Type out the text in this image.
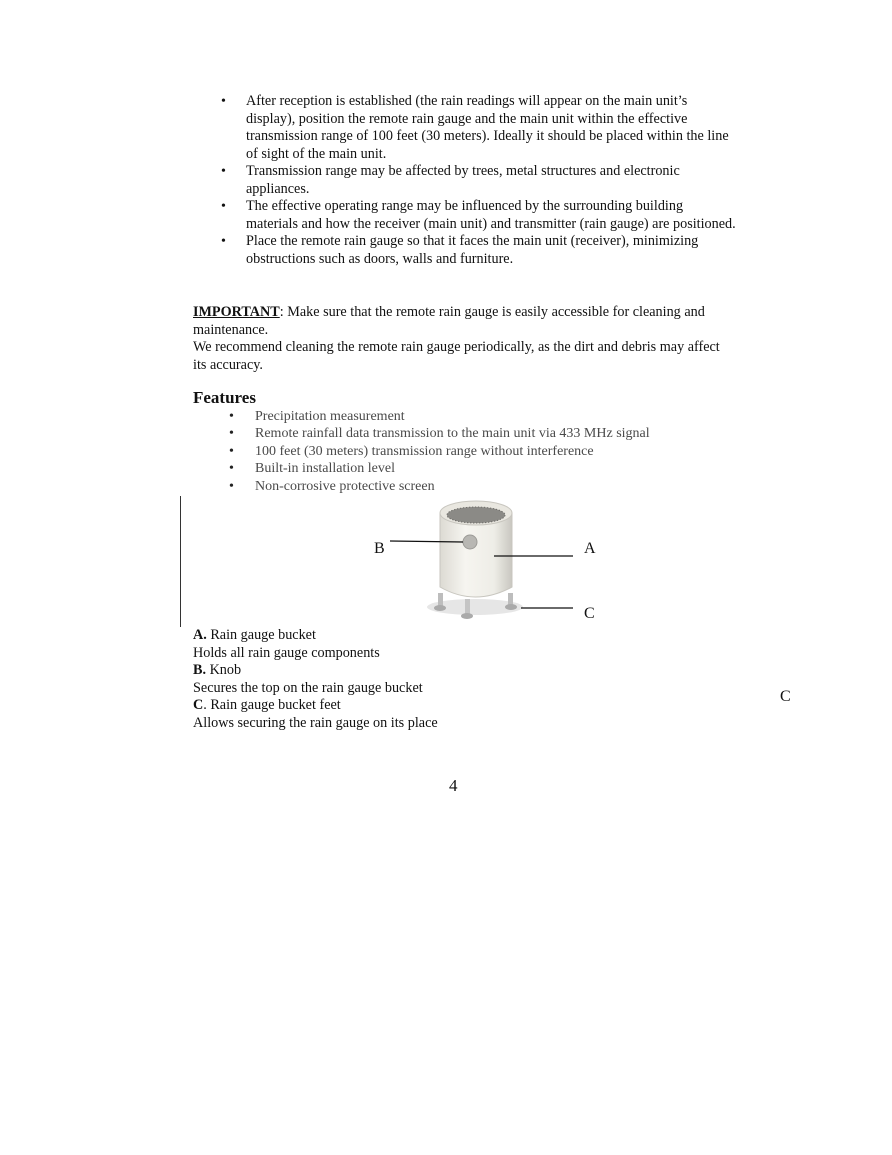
• After reception is established (the rain readings will appear on the main unit’s display), position the remote rain gauge and the main unit within the effective transmission range of 100 feet (30 meters). Ideally it should be placed within the line of sight of the main unit.
• Transmission range may be affected by trees, metal structures and electronic appliances.
• The effective operating range may be influenced by the surrounding building materials and how the receiver (main unit) and transmitter (rain gauge) are positioned.
• Place the remote rain gauge so that it faces the main unit (receiver), minimizing obstructions such as doors, walls and furniture.

IMPORTANT: Make sure that the remote rain gauge is easily accessible for cleaning and maintenance.

We recommend cleaning the remote rain gauge periodically, as the dirt and debris may affect its accuracy.

Features
• Precipitation measurement
• Remote rainfall data transmission to the main unit via 433 MHz signal
• 100 feet (30 meters) transmission range without interference
• Built-in installation level
• Non-corrosive protective screen
B	A
C
A. Rain gauge bucket
Holds all rain gauge components
B. Knob
Secures the top on the rain gauge bucket
C. Rain gauge bucket feet
Allows securing the rain gauge on its place
C
4
